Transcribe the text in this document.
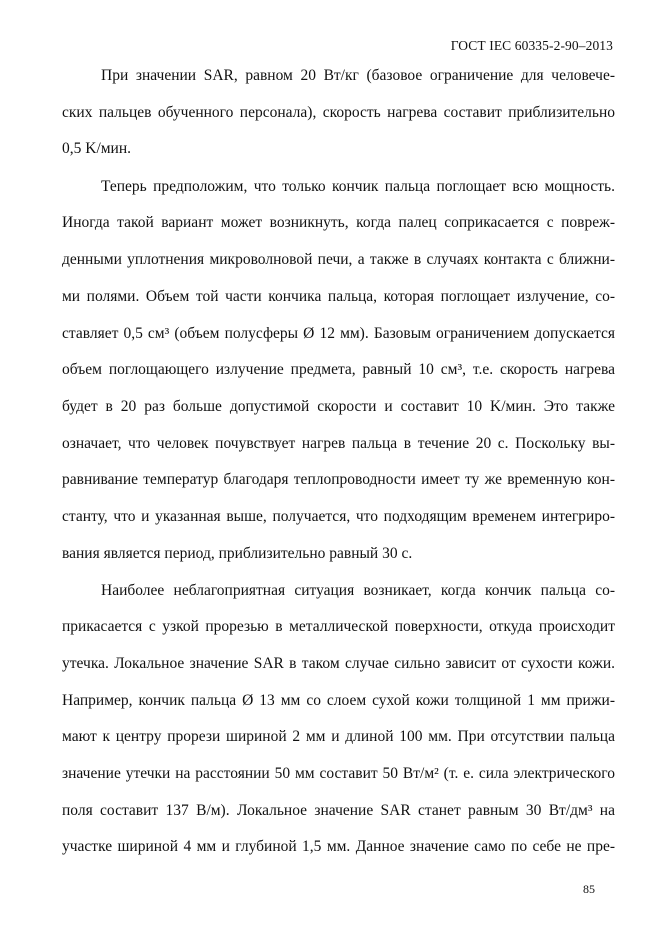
ГОСТ IEC 60335-2-90–2013
При значении SAR, равном 20 Вт/кг (базовое ограничение для человече-
ских пальцев обученного персонала), скорость нагрева составит приблизительно
0,5 K/мин.
Теперь предположим, что только кончик пальца поглощает всю мощность.
Иногда такой вариант может возникнуть, когда палец соприкасается с повреж-
денными уплотнения микроволновой печи, а также в случаях контакта с ближни-
ми полями. Объем той части кончика пальца, которая поглощает излучение, со-
ставляет 0,5 см³ (объем полусферы Ø 12 мм). Базовым ограничением допускается
объем поглощающего излучение предмета, равный 10 см³, т.е. скорость нагрева
будет в 20 раз больше допустимой скорости и составит 10 K/мин. Это также
означает, что человек почувствует нагрев пальца в течение 20 с. Поскольку вы-
равнивание температур благодаря теплопроводности имеет ту же временную кон-
станту, что и указанная выше, получается, что подходящим временем интегриро-
вания является период, приблизительно равный 30 с.
Наиболее неблагоприятная ситуация возникает, когда кончик пальца со-
прикасается с узкой прорезью в металлической поверхности, откуда происходит
утечка. Локальное значение SAR в таком случае сильно зависит от сухости кожи.
Например, кончик пальца Ø 13 мм со слоем сухой кожи толщиной 1 мм прижи-
мают к центру прорези шириной 2 мм и длиной 100 мм. При отсутствии пальца
значение утечки на расстоянии 50 мм составит 50 Вт/м² (т. е. сила электрического
поля составит 137 В/м). Локальное значение SAR станет равным 30 Вт/дм³ на
участке шириной 4 мм и глубиной 1,5 мм. Данное значение само по себе не пре-
85
